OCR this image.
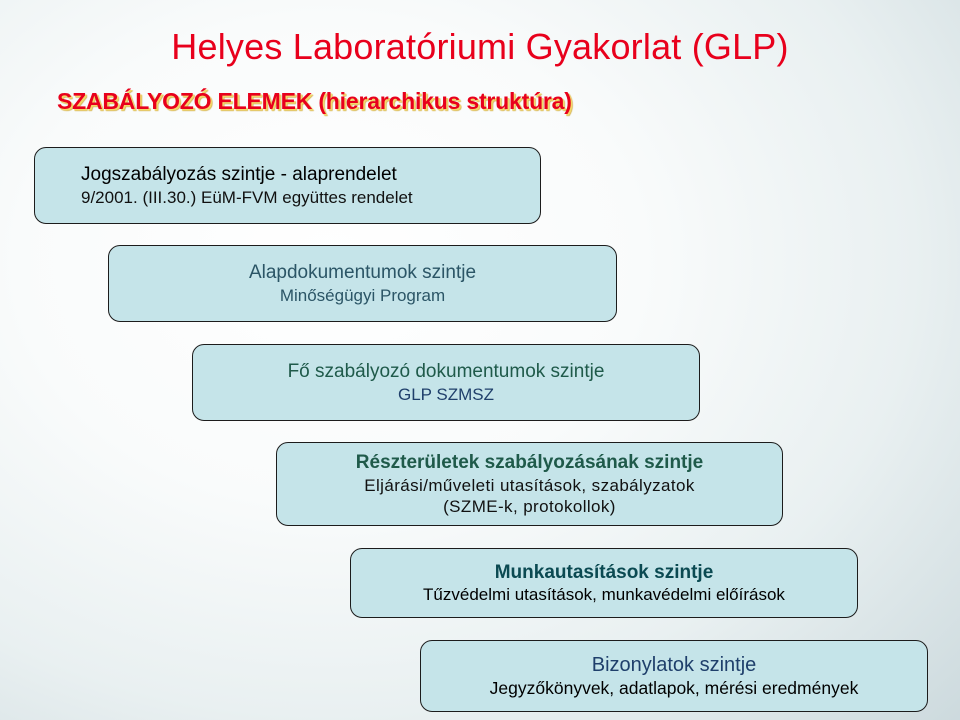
Helyes Laboratóriumi Gyakorlat (GLP)
SZABÁLYOZÓ ELEMEK (hierarchikus struktúra)
Jogszabályozás szintje - alaprendelet
9/2001. (III.30.) EüM-FVM együttes rendelet
Alapdokumentumok szintje
Minőségügyi Program
Fő szabályozó dokumentumok szintje
GLP SZMSZ
Részterületek szabályozásának szintje
Eljárási/műveleti utasítások, szabályzatok
(SZME-k, protokollok)
Munkautasítások szintje
Tűzvédelmi utasítások, munkavédelmi előírások
Bizonylatok szintje
Jegyzőkönyvek, adatlapok, mérési eredmények
